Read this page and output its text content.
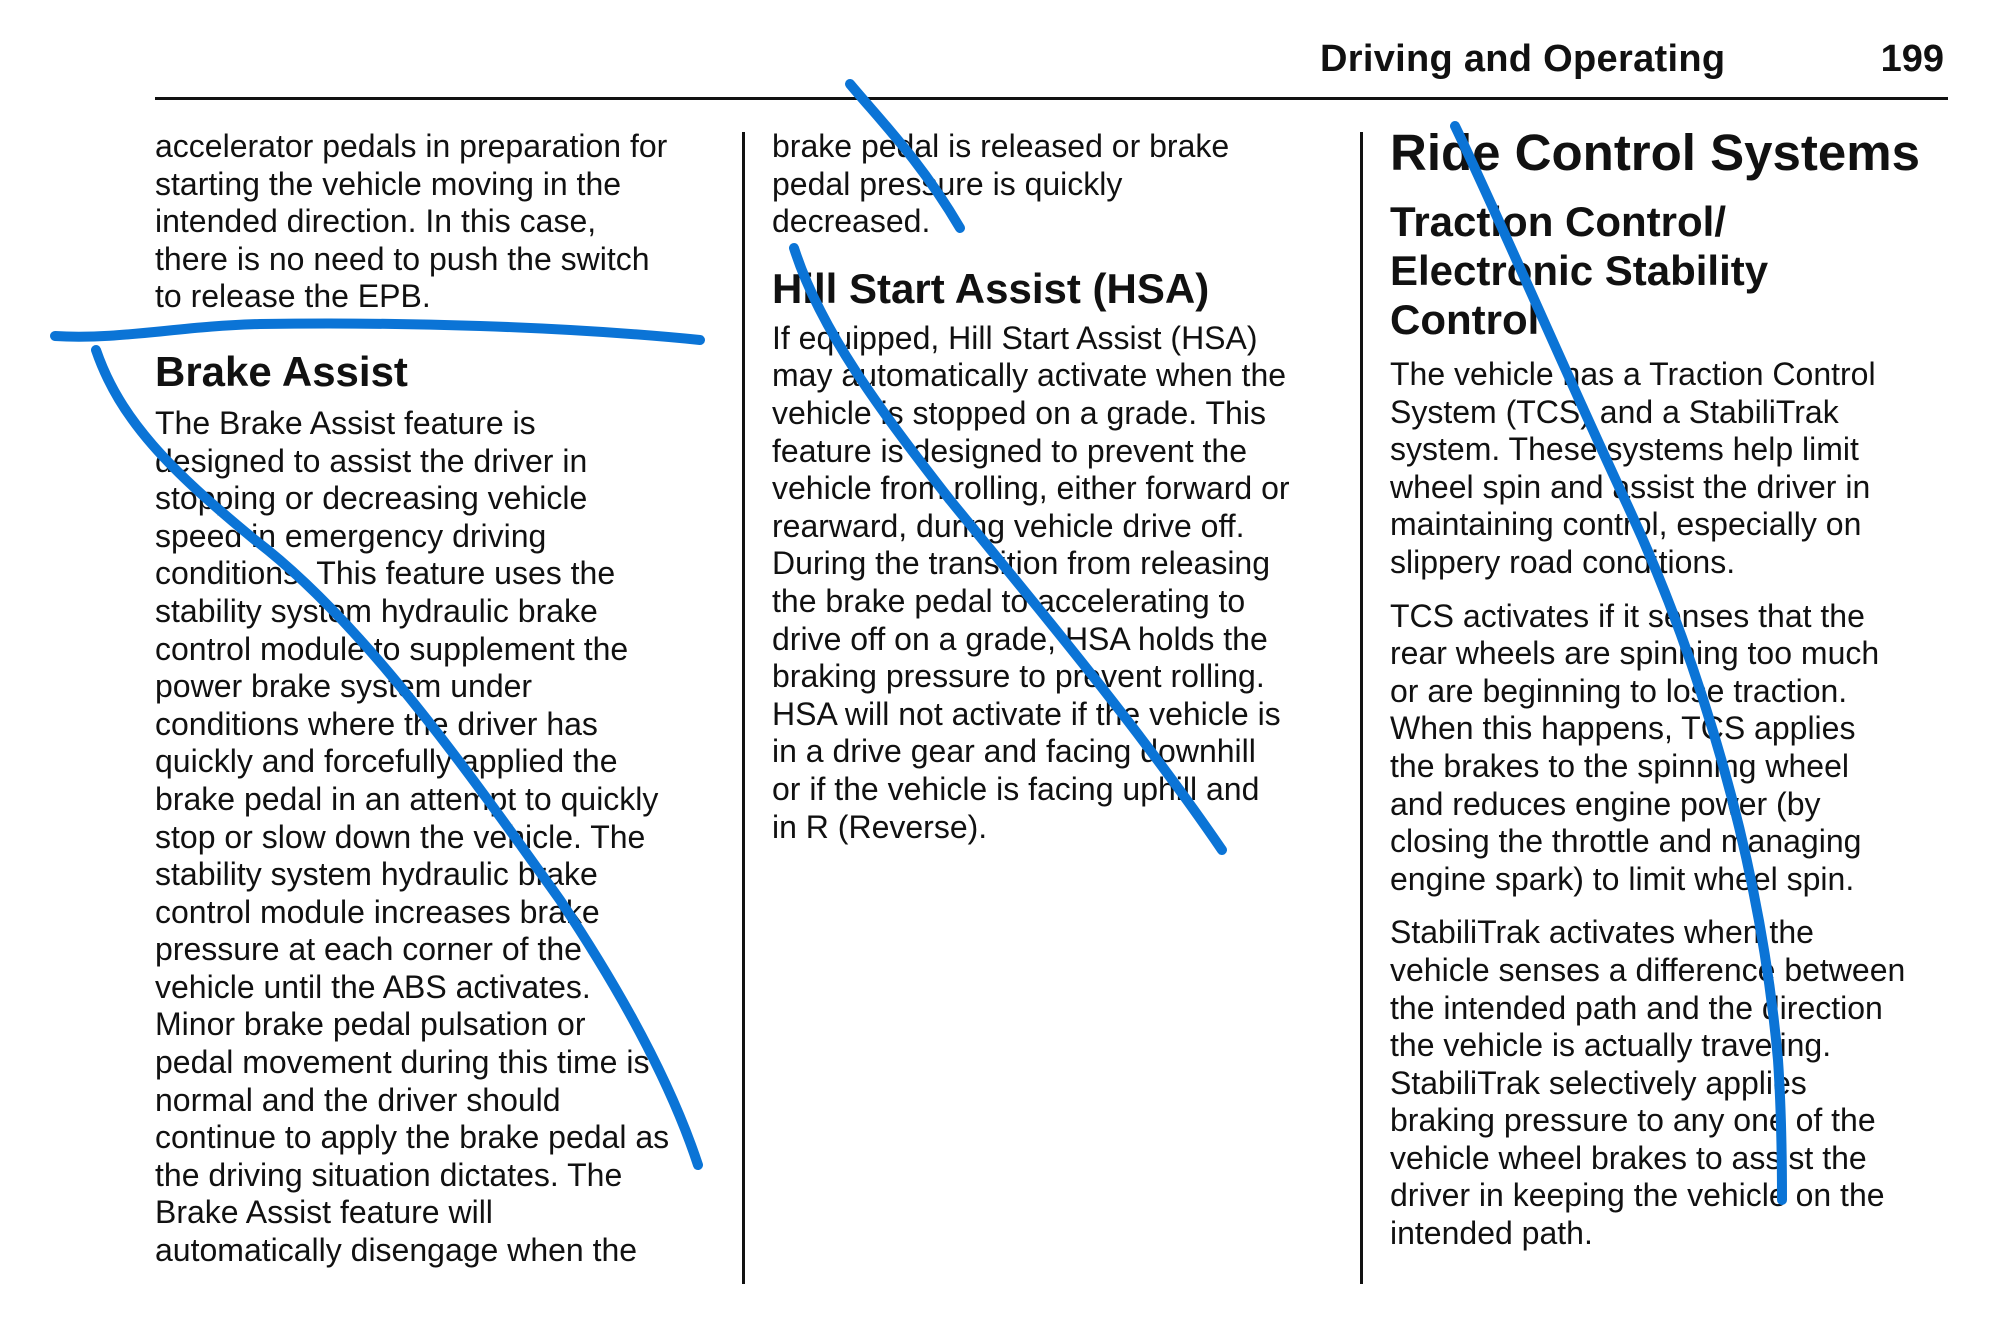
Driving and Operating	199

accelerator pedals in preparation for
starting the vehicle moving in the
intended direction. In this case,
there is no need to push the switch
to release the EPB.

Brake Assist

The Brake Assist feature is
designed to assist the driver in
stopping or decreasing vehicle
speed in emergency driving
conditions. This feature uses the
stability system hydraulic brake
control module to supplement the
power brake system under
conditions where the driver has
quickly and forcefully applied the
brake pedal in an attempt to quickly
stop or slow down the vehicle. The
stability system hydraulic brake
control module increases brake
pressure at each corner of the
vehicle until the ABS activates.
Minor brake pedal pulsation or
pedal movement during this time is
normal and the driver should
continue to apply the brake pedal as
the driving situation dictates. The
Brake Assist feature will
automatically disengage when the

brake pedal is released or brake
pedal pressure is quickly
decreased.

Hill Start Assist (HSA)

If equipped, Hill Start Assist (HSA)
may automatically activate when the
vehicle is stopped on a grade. This
feature is designed to prevent the
vehicle from rolling, either forward or
rearward, during vehicle drive off.
During the transition from releasing
the brake pedal to accelerating to
drive off on a grade, HSA holds the
braking pressure to prevent rolling.
HSA will not activate if the vehicle is
in a drive gear and facing downhill
or if the vehicle is facing uphill and
in R (Reverse).

Ride Control Systems
Traction Control/
Electronic Stability
Control

The vehicle has a Traction Control
System (TCS) and a StabiliTrak
system. These systems help limit
wheel spin and assist the driver in
maintaining control, especially on
slippery road conditions.

TCS activates if it senses that the
rear wheels are spinning too much
or are beginning to lose traction.
When this happens, TCS applies
the brakes to the spinning wheel
and reduces engine power (by
closing the throttle and managing
engine spark) to limit wheel spin.

StabiliTrak activates when the
vehicle senses a difference between
the intended path and the direction
the vehicle is actually traveling.
StabiliTrak selectively applies
braking pressure to any one of the
vehicle wheel brakes to assist the
driver in keeping the vehicle on the
intended path.
